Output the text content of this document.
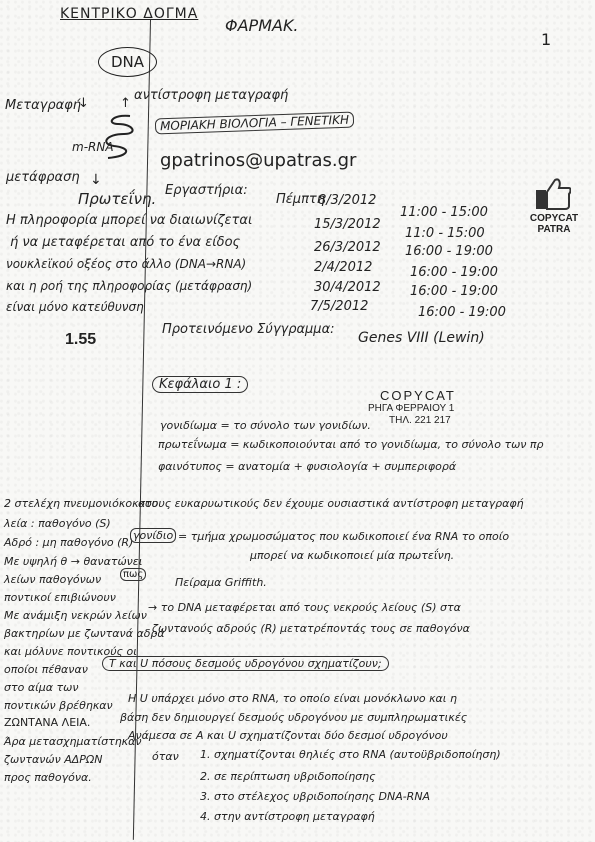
ΚΕΝΤΡΙΚΟ ΔΟΓΜΑ
ΦΑΡΜΑΚ.
1
DNA
Μεταγραφή
↓ ↑
αντίστροφη μεταγραφή
m-RNA
μετάφραση ↓
Πρωτεΐνη.
ΜΟΡΙΑΚΗ ΒΙΟΛΟΓΙΑ – ΓΕΝΕΤΙΚΗ
gpatrinos@upatras.gr
COPYCAT PATRA
Εργαστήρια:
Πέμπτη
8/3/2012
11:00 - 15:00
15/3/2012
11:0 - 15:00
26/3/2012 16:00 - 19:00
2/4/2012	16:00 - 19:00
30/4/2012 16:00 - 19:00
7/5/2012	16:00 - 19:00
Η πληροφορία μπορεί να διαιωνίζεται
ή να μεταφέρεται από το ένα είδος
νουκλεϊκού οξέος στο άλλο (DNA→RNA)
και η ροή της πληροφορίας (μετάφραση)
είναι μόνο κατεύθυνση
1.55
Προτεινόμενο Σύγγραμμα:
Genes VIII (Lewin)
Κεφάλαιο 1 :
COPYCAT
ΡΗΓΑ ΦΕΡΡΑΙΟΥ 1
ΤΗΛ. 221 217
γονιδίωμα = το σύνολο των γονιδίων.
πρωτεΐνωμα = κωδικοποιούνται από το γονιδίωμα, το σύνολο των πρ
φαινότυπος = ανατομία + φυσιολογία + συμπεριφορά
2 στελέχη πνευμονιόκοκκου
στους ευκαρυωτικούς δεν έχουμε ουσιαστικά αντίστροφη μεταγραφή
λεία : παθογόνο (S)
Αδρό : μη παθογόνο (R)
Με υψηλή θ → θανατώνει
λείων παθογόνων
ποντικοί επιβιώνουν
Με ανάμιξη νεκρών λείων
βακτηρίων με ζωντανά αδρά
και μόλυνε ποντικούς οι
οποίοι πέθαναν
στο αίμα των
ποντικών βρέθηκαν
ΖΩΝΤΑΝΑ ΛΕΙΑ.
Άρα μετασχηματίστηκαν
ζωντανών ΑΔΡΩΝ
προς παθογόνα.
γονίδιο = τμήμα χρωμοσώματος που κωδικοποιεί ένα RNA το οποίο
μπορεί να κωδικοποιεί μία πρωτεΐνη.
πως
Πείραμα Griffith.
→ το DNA μεταφέρεται από τους νεκρούς λείους (S) στα
ζωντανούς αδρούς (R) μετατρέποντάς τους σε παθογόνα
T και U πόσους δεσμούς υδρογόνου σχηματίζουν;
Η U υπάρχει μόνο στο RNA, το οποίο είναι μονόκλωνο και η
βάση δεν δημιουργεί δεσμούς υδρογόνου με συμπληρωματικές
Ανάμεσα σε Α και U σχηματίζονται δύο δεσμοί υδρογόνου
όταν 1. σχηματίζονται θηλιές στο RNA (αυτοϋβριδοποίηση)
2. σε περίπτωση υβριδοποίησης
3. στο στέλεχος υβριδοποίησης DNA-RNA
4. στην αντίστροφη μεταγραφή
